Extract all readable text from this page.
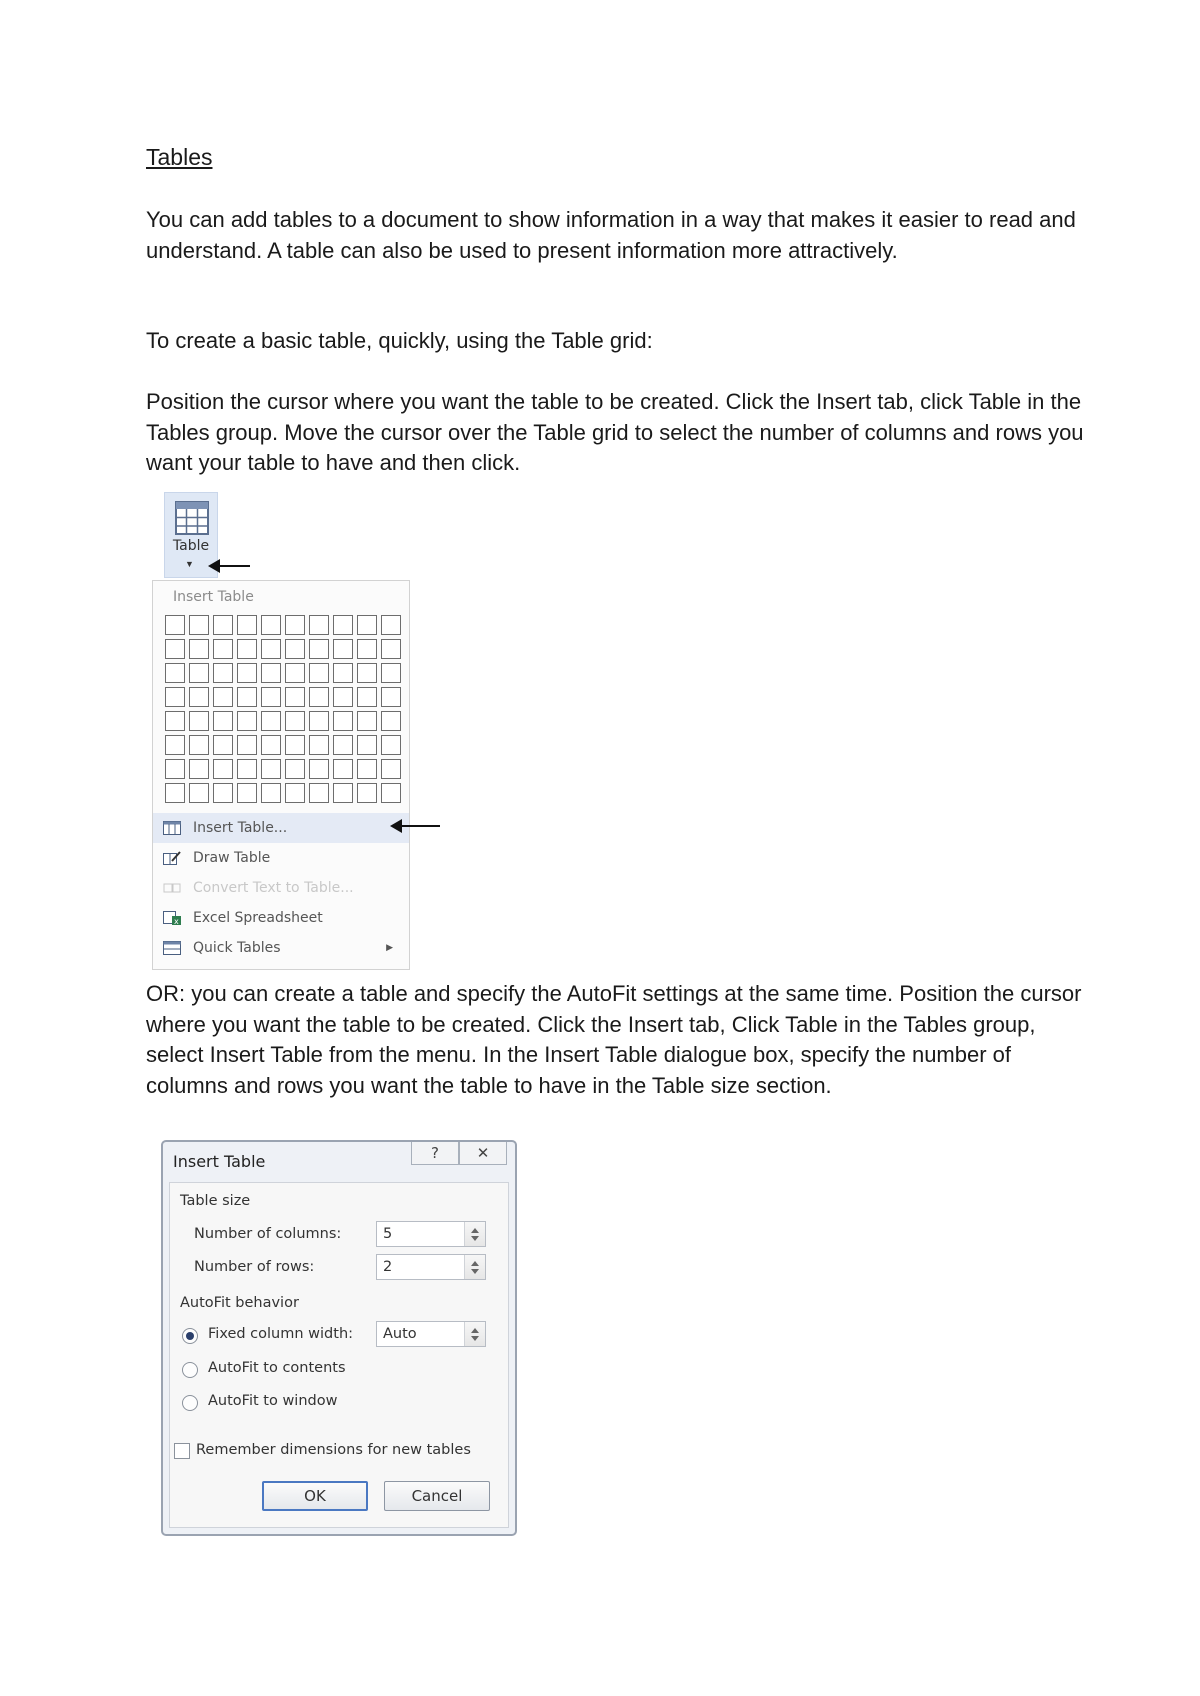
Tables

You can add tables to a document to show information in a way that makes it easier to read and understand. A table can also be used to present information more attractively.

To create a basic table, quickly, using the Table grid:

Position the cursor where you want the table to be created. Click the Insert tab, click Table in the Tables group. Move the cursor over the Table grid to select the number of columns and rows you want your table to have and then click.

Table
▼
Insert Table
Insert Table...
Draw Table
Convert Text to Table...
x Excel Spreadsheet
Quick Tables	▶

OR: you can create a table and specify the AutoFit settings at the same time. Position the cursor where you want the table to be created. Click the Insert tab, Click Table in the Tables group, select Insert Table from the menu. In the Insert Table dialogue box, specify the number of columns and rows you want the table to have in the Table size section.

Insert Table	?	✕
Table size
Number of columns:	5
Number of rows:	2
AutoFit behavior
Fixed column width:	Auto
AutoFit to contents
AutoFit to window
Remember dimensions for new tables
OK	Cancel
